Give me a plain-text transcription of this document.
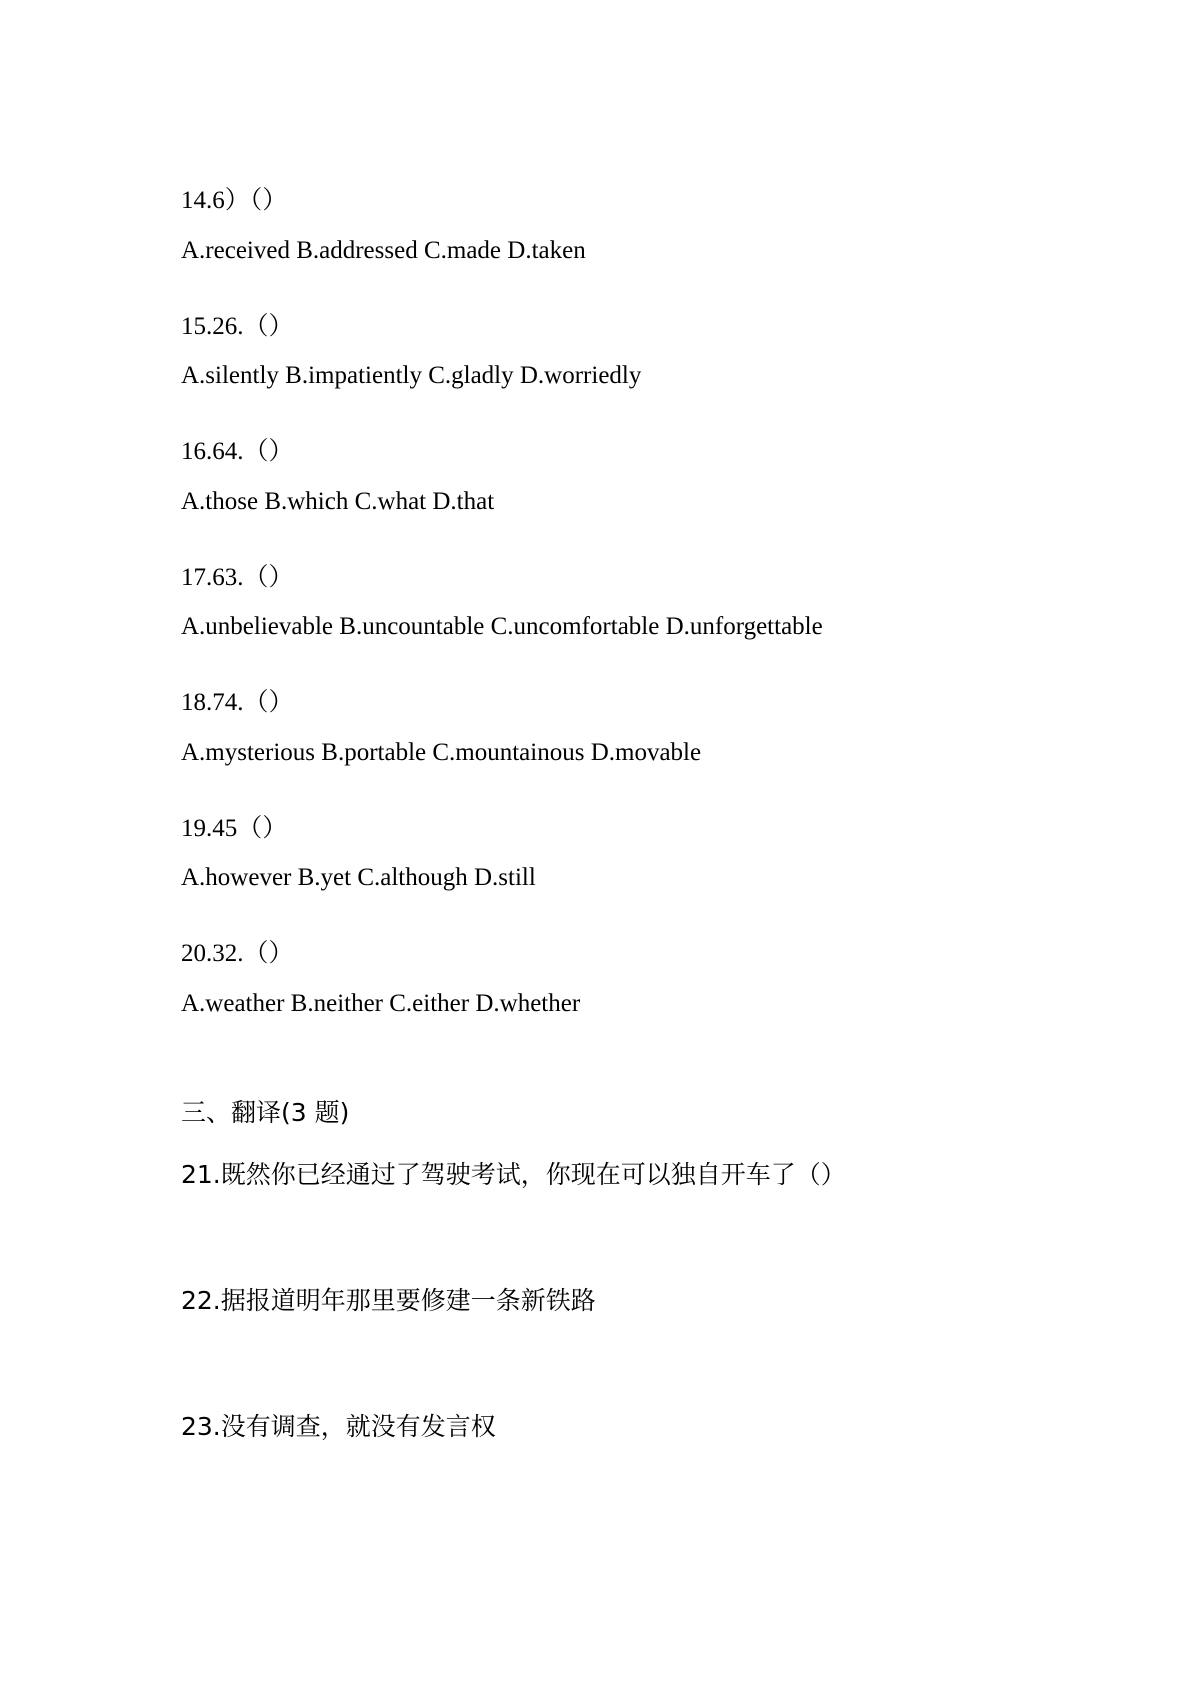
14.6）（）
A.received B.addressed C.made D.taken
15.26.（）
A.silently B.impatiently C.gladly D.worriedly
16.64.（）
A.those B.which C.what D.that
17.63.（）
A.unbelievable B.uncountable C.uncomfortable D.unforgettable
18.74.（）
A.mysterious B.portable C.mountainous D.movable
19.45（）
A.however B.yet C.although D.still
20.32.（）
A.weather B.neither C.either D.whether
三、翻译(3 题)
21.既然你已经通过了驾驶考试，你现在可以独自开车了（）
22.据报道明年那里要修建一条新铁路
23.没有调查，就没有发言权
